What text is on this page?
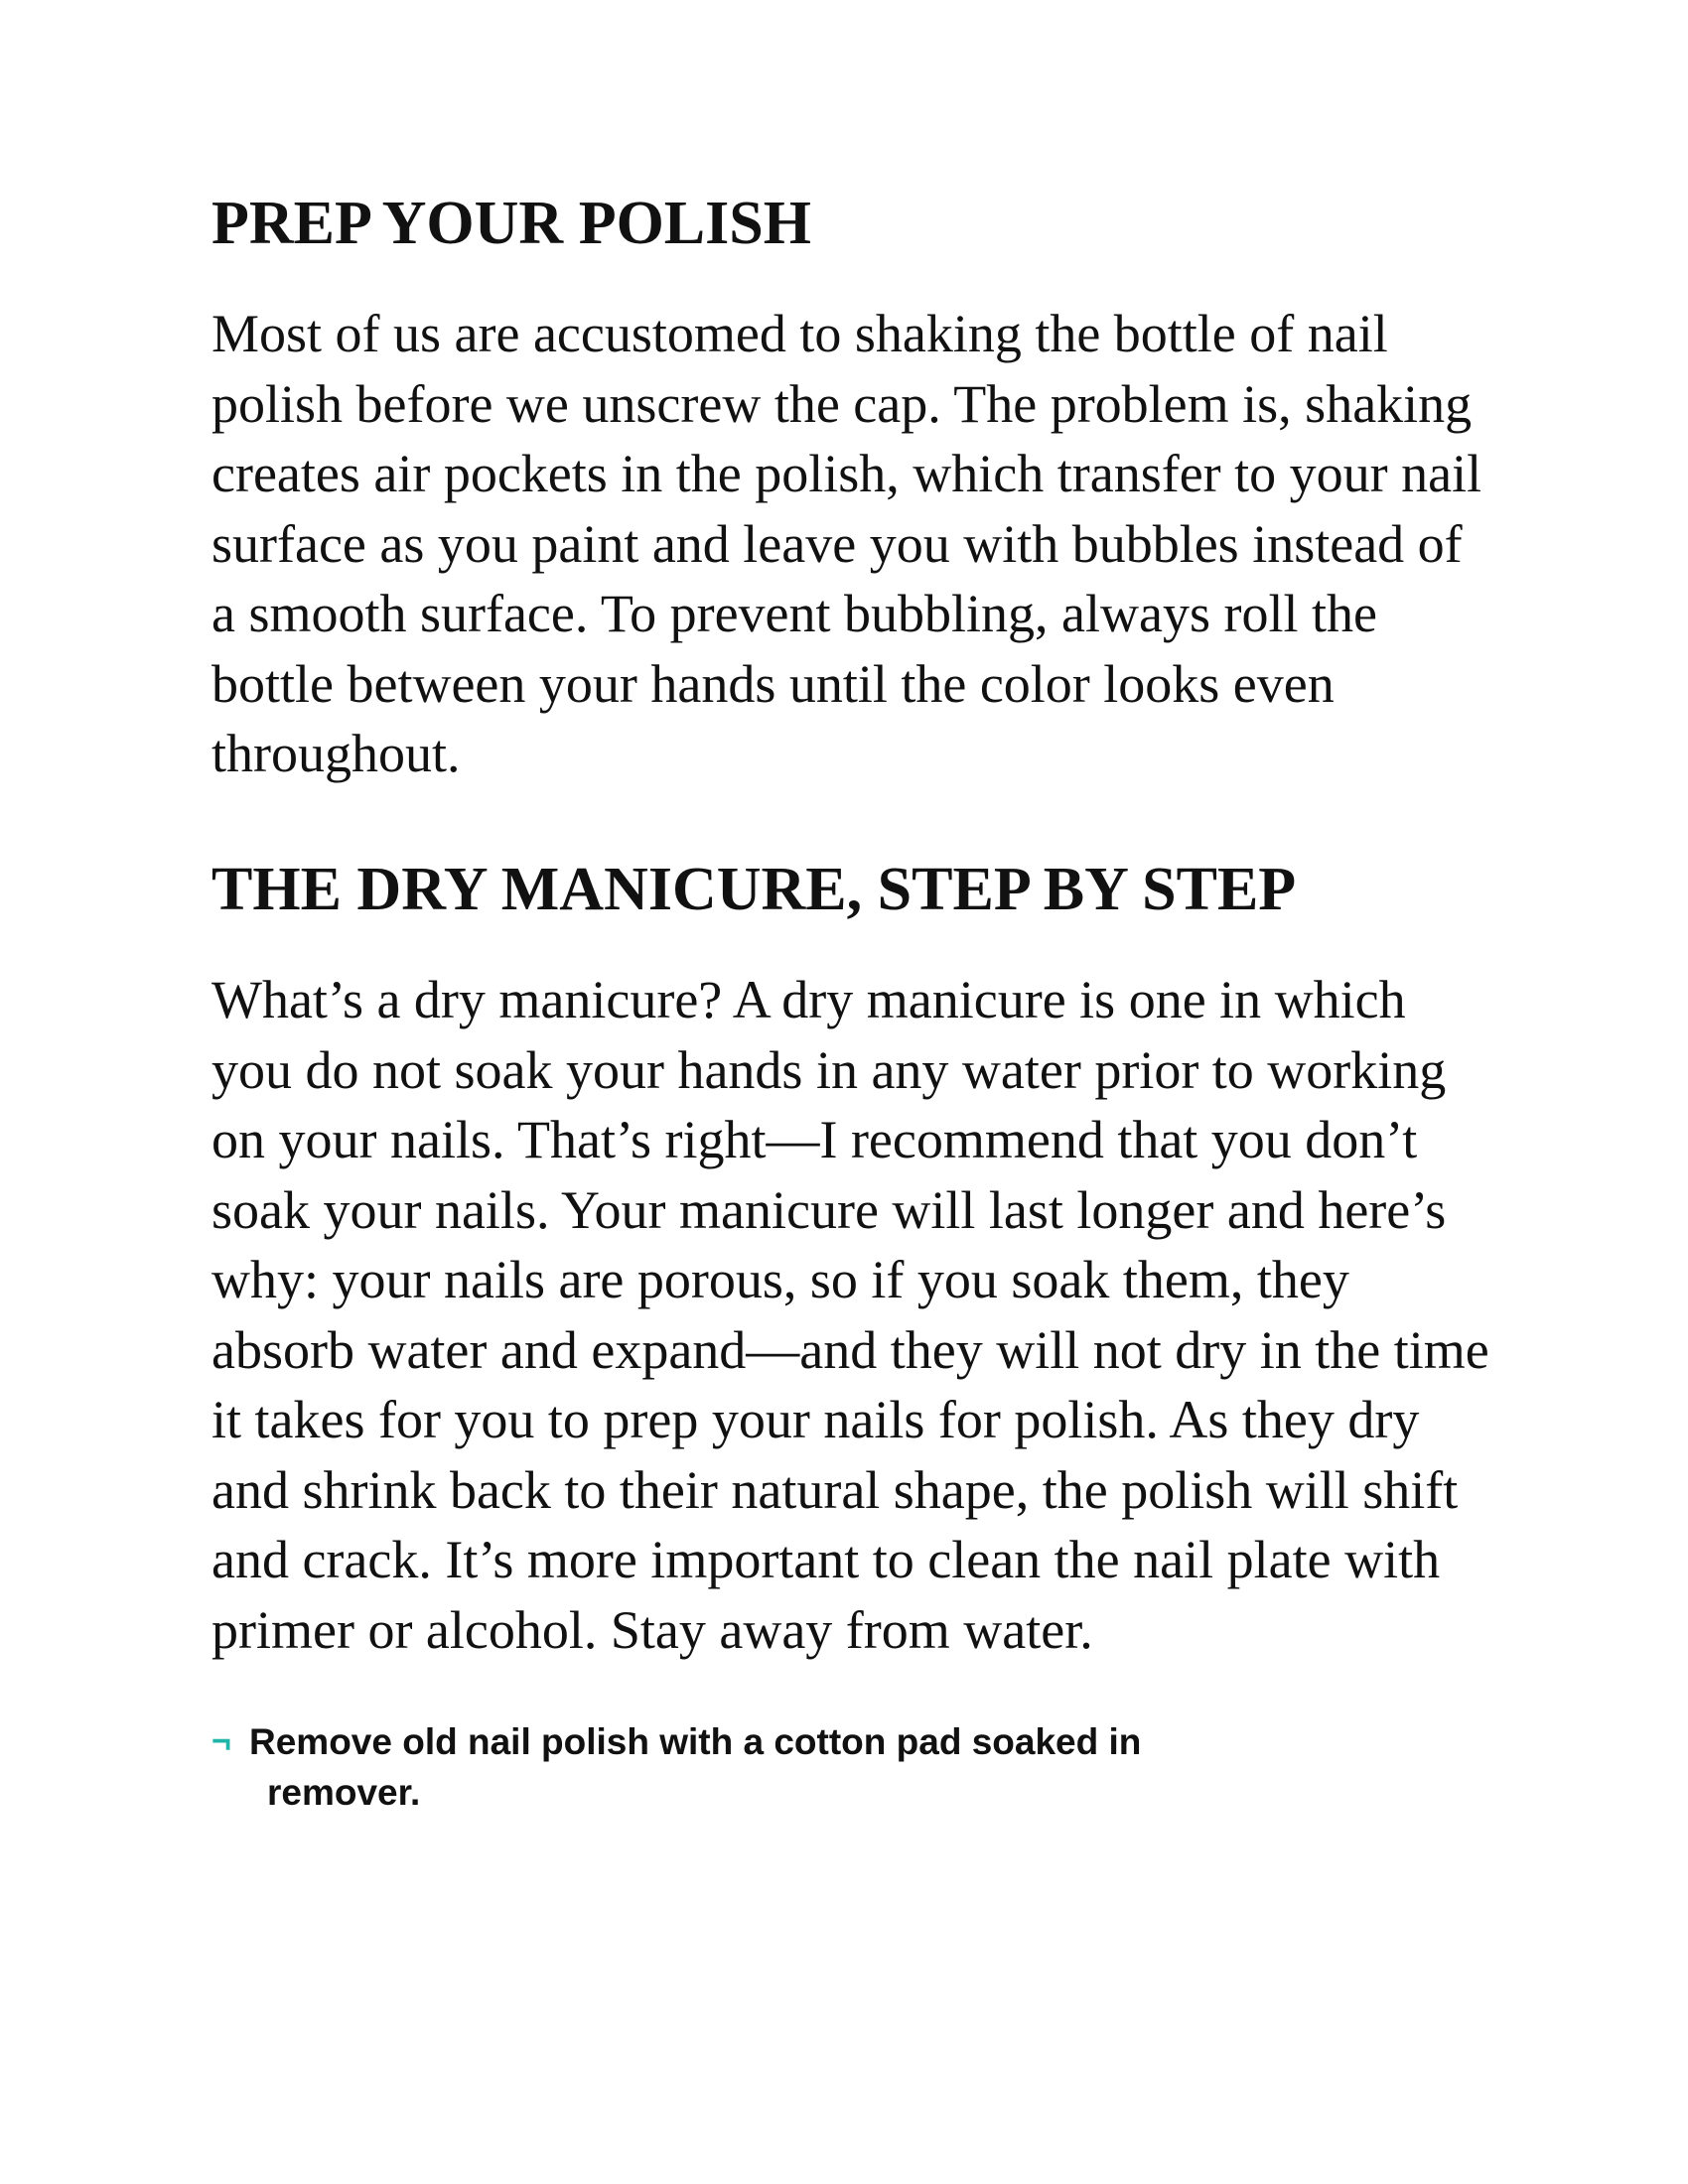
PREP YOUR POLISH

Most of us are accustomed to shaking the bottle of nail polish before we unscrew the cap. The problem is, shaking creates air pockets in the polish, which transfer to your nail surface as you paint and leave you with bubbles instead of a smooth surface. To prevent bubbling, always roll the bottle between your hands until the color looks even throughout.

THE DRY MANICURE, STEP BY STEP

What’s a dry manicure? A dry manicure is one in which you do not soak your hands in any water prior to working on your nails. That’s right—I recommend that you don’t soak your nails. Your manicure will last longer and here’s why: your nails are porous, so if you soak them, they absorb water and expand—and they will not dry in the time it takes for you to prep your nails for polish. As they dry and shrink back to their natural shape, the polish will shift and crack. It’s more important to clean the nail plate with primer or alcohol. Stay away from water.

¬ Remove old nail polish with a cotton pad soaked in
remover.
